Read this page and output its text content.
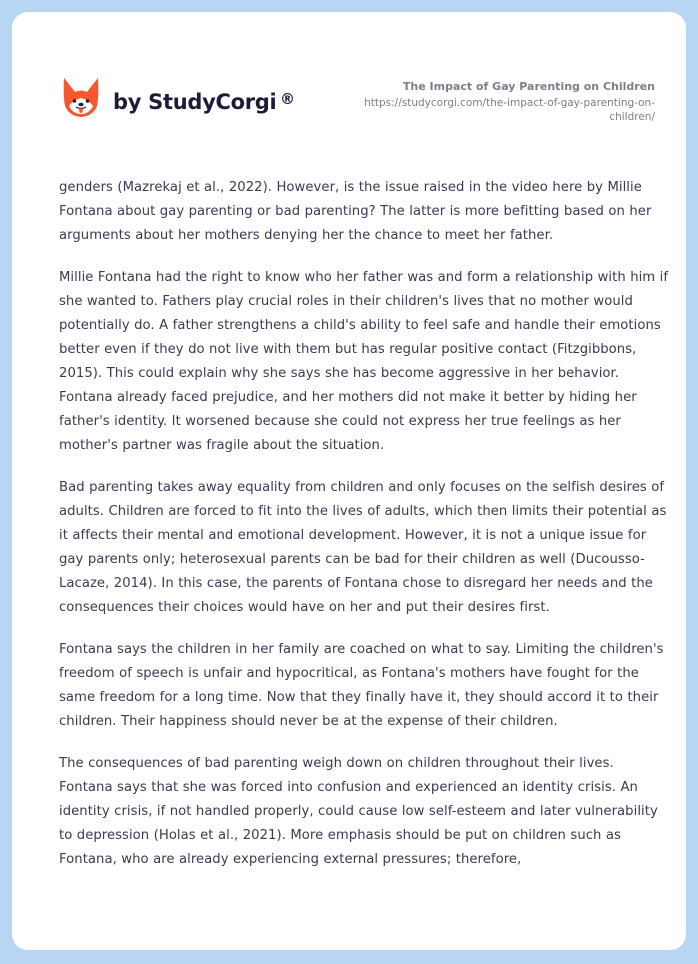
by StudyCorgi ®
The Impact of Gay Parenting on Children
https://studycorgi.com/the-impact-of-gay-parenting-on-children/

genders (Mazrekaj et al., 2022). However, is the issue raised in the video here by Millie Fontana about gay parenting or bad parenting? The latter is more befitting based on her arguments about her mothers denying her the chance to meet her father.

Millie Fontana had the right to know who her father was and form a relationship with him if she wanted to. Fathers play crucial roles in their children's lives that no mother would potentially do. A father strengthens a child's ability to feel safe and handle their emotions better even if they do not live with them but has regular positive contact (Fitzgibbons, 2015). This could explain why she says she has become aggressive in her behavior. Fontana already faced prejudice, and her mothers did not make it better by hiding her father's identity. It worsened because she could not express her true feelings as her mother's partner was fragile about the situation.

Bad parenting takes away equality from children and only focuses on the selfish desires of adults. Children are forced to fit into the lives of adults, which then limits their potential as it affects their mental and emotional development. However, it is not a unique issue for gay parents only; heterosexual parents can be bad for their children as well (Ducousso-Lacaze, 2014). In this case, the parents of Fontana chose to disregard her needs and the consequences their choices would have on her and put their desires first.

Fontana says the children in her family are coached on what to say. Limiting the children's freedom of speech is unfair and hypocritical, as Fontana's mothers have fought for the same freedom for a long time. Now that they finally have it, they should accord it to their children. Their happiness should never be at the expense of their children.

The consequences of bad parenting weigh down on children throughout their lives. Fontana says that she was forced into confusion and experienced an identity crisis. An identity crisis, if not handled properly, could cause low self-esteem and later vulnerability to depression (Holas et al., 2021). More emphasis should be put on children such as Fontana, who are already experiencing external pressures; therefore,
